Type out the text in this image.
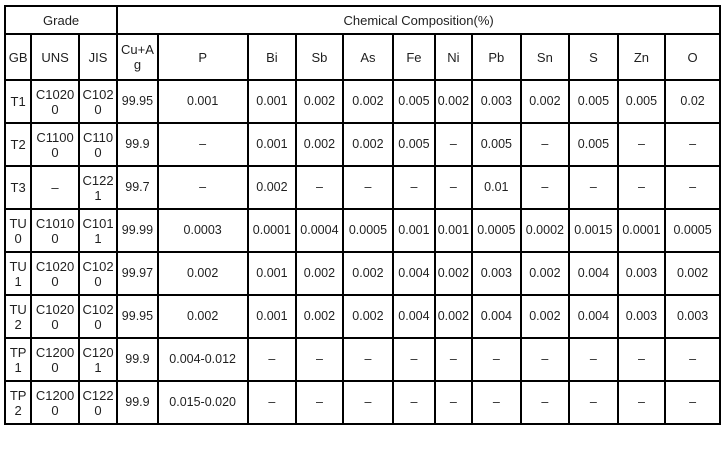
Grade			Chemical Composition(%)											
GB	UNS	JIS	Cu+Ag	P	Bi	Sb	As	Fe	Ni	Pb	Sn	S	Zn	O
T1	C10200	C1020	99.95	0.001	0.001	0.002	0.002	0.005	0.002	0.003	0.002	0.005	0.005	0.02
T2	C11000	C1100	99.9	–	0.001	0.002	0.002	0.005	–	0.005	–	0.005	–	–
T3	–	C1221	99.7	–	0.002	–	–	–	–	0.01	–	–	–	–
TU0	C10100	C1011	99.99	0.0003	0.0001	0.0004	0.0005	0.001	0.001	0.0005	0.0002	0.0015	0.0001	0.0005
TU1	C10200	C1020	99.97	0.002	0.001	0.002	0.002	0.004	0.002	0.003	0.002	0.004	0.003	0.002
TU2	C10200	C1020	99.95	0.002	0.001	0.002	0.002	0.004	0.002	0.004	0.002	0.004	0.003	0.003
TP1	C12000	C1201	99.9	0.004-0.012	–	–	–	–	–	–	–	–	–	–
TP2	C12000	C1220	99.9	0.015-0.020	–	–	–	–	–	–	–	–	–	–
